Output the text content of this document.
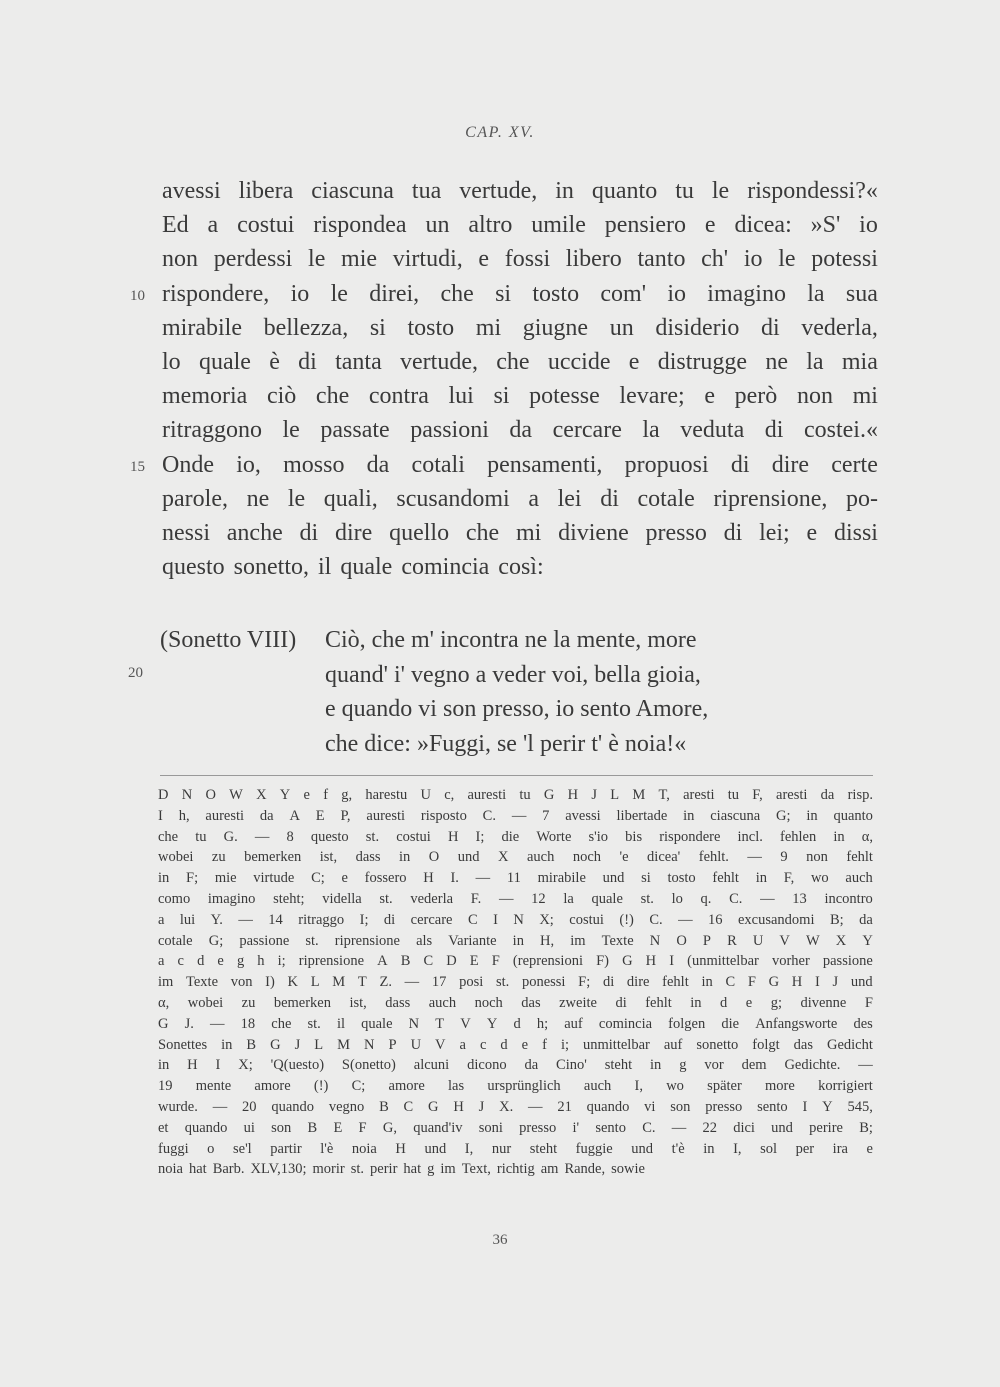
CAP. XV.
10
15
20
avessi libera ciascuna tua vertude, in quanto tu le rispondessi?«
Ed a costui rispondea un altro umile pensiero e dicea: »S' io
non perdessi le mie virtudi, e fossi libero tanto ch' io le potessi
rispondere, io le direi, che si tosto com' io imagino la sua
mirabile bellezza, si tosto mi giugne un disiderio di vederla,
lo quale è di tanta vertude, che uccide e distrugge ne la mia
memoria ciò che contra lui si potesse levare; e però non mi
ritraggono le passate passioni da cercare la veduta di costei.«
Onde io, mosso da cotali pensamenti, propuosi di dire certe
parole, ne le quali, scusandomi a lei di cotale riprensione, po-
nessi anche di dire quello che mi diviene presso di lei; e dissi
questo sonetto, il quale comincia così:
(Sonetto VIII) Ciò, che m' incontra ne la mente, more
quand' i' vegno a veder voi, bella gioia,
e quando vi son presso, io sento Amore,
che dice: »Fuggi, se 'l perir t' è noia!«
D N O W X Y e f g, harestu U c, auresti tu G H J L M T, aresti tu F, aresti da risp.
I h, auresti da A E P, auresti risposto C. — 7 avessi libertade in ciascuna G; in quanto
che tu G. — 8 questo st. costui H I; die Worte s'io bis rispondere incl. fehlen in α,
wobei zu bemerken ist, dass in O und X auch noch 'e dicea' fehlt. — 9 non fehlt
in F; mie virtude C; e fossero H I. — 11 mirabile und si tosto fehlt in F, wo auch
como imagino steht; vidella st. vederla F. — 12 la quale st. lo q. C. — 13 incontro
a lui Y. — 14 ritraggo I; di cercare C I N X; costui (!) C. — 16 excusandomi B; da
cotale G; passione st. riprensione als Variante in H, im Texte N O P R U V W X Y
a c d e g h i; riprensione A B C D E F (reprensioni F) G H I (unmittelbar vorher passione
im Texte von I) K L M T Z. — 17 posi st. ponessi F; di dire fehlt in C F G H I J und
α, wobei zu bemerken ist, dass auch noch das zweite di fehlt in d e g; divenne F
G J. — 18 che st. il quale N T V Y d h; auf comincia folgen die Anfangsworte des
Sonettes in B G J L M N P U V a c d e f i; unmittelbar auf sonetto folgt das Gedicht
in H I X; 'Q(uesto) S(onetto) alcuni dicono da Cino' steht in g vor dem Gedichte. —
19 mente amore (!) C; amore las ursprünglich auch I, wo später more korrigiert
wurde. — 20 quando vegno B C G H J X. — 21 quando vi son presso sento I Y 545,
et quando ui son B E F G, quand'iv soni presso i' sento C. — 22 dici und perire B;
fuggi o se'l partir l'è noia H und I, nur steht fuggie und t'è in I, sol per ira e
noia hat Barb. XLV,130; morir st. perir hat g im Text, richtig am Rande, sowie
36
